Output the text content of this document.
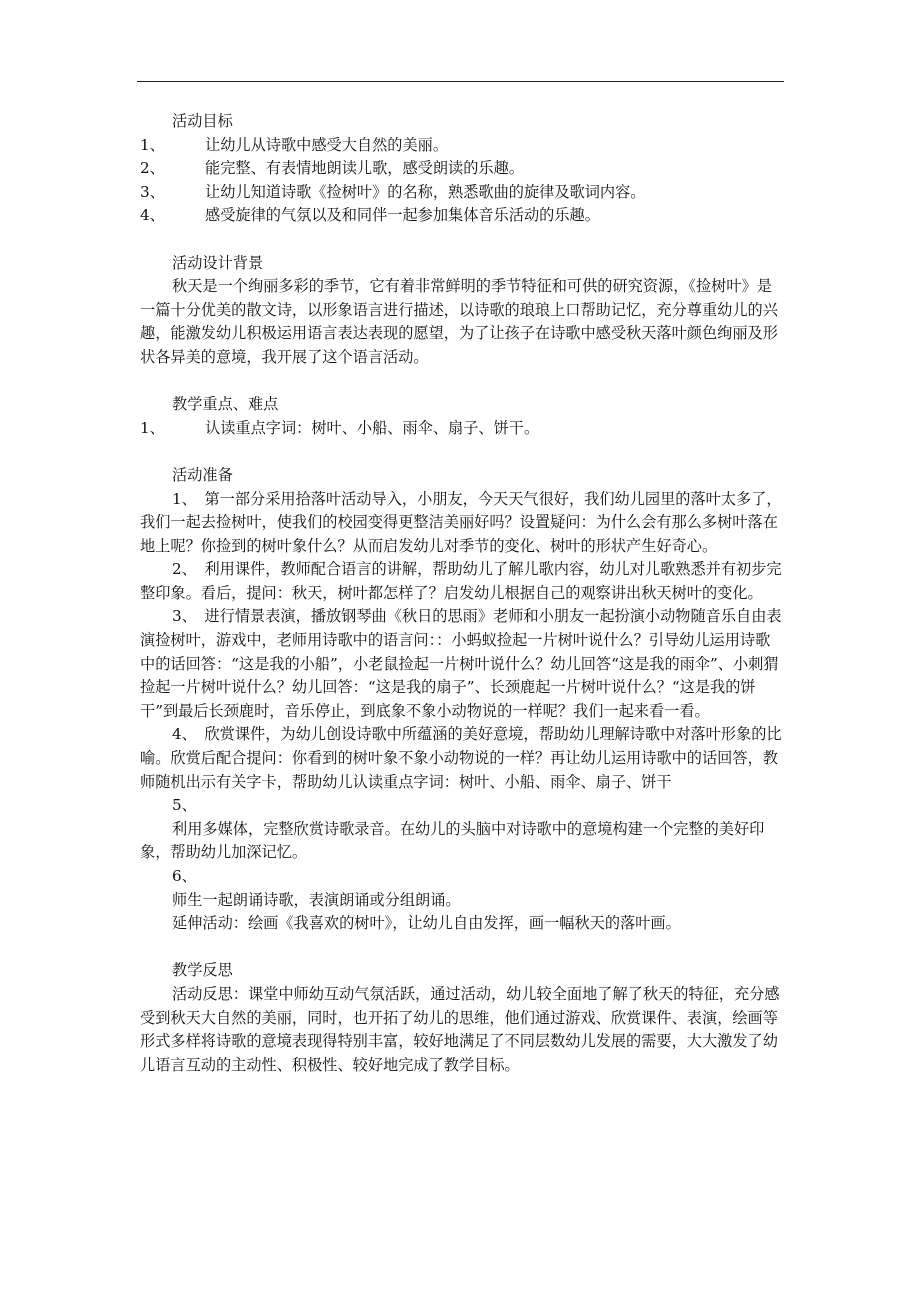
活动目标
1、	让幼儿从诗歌中感受大自然的美丽。
2、	能完整、有表情地朗读儿歌，感受朗读的乐趣。
3、	让幼儿知道诗歌《捡树叶》的名称，熟悉歌曲的旋律及歌词内容。
4、	感受旋律的气氛以及和同伴一起参加集体音乐活动的乐趣。
活动设计背景
秋天是一个绚丽多彩的季节，它有着非常鲜明的季节特征和可供的研究资源，《捡树叶》是一篇十分优美的散文诗，以形象语言进行描述，以诗歌的琅琅上口帮助记忆，充分尊重幼儿的兴趣，能激发幼儿积极运用语言表达表现的愿望，为了让孩子在诗歌中感受秋天落叶颜色绚丽及形状各异美的意境，我开展了这个语言活动。
教学重点、难点
1、	认读重点字词：树叶、小船、雨伞、扇子、饼干。
活动准备
1、　第一部分采用拾落叶活动导入，小朋友，今天天气很好，我们幼儿园里的落叶太多了，我们一起去捡树叶，使我们的校园变得更整洁美丽好吗？设置疑问：为什么会有那么多树叶落在地上呢？你捡到的树叶象什么？从而启发幼儿对季节的变化、树叶的形状产生好奇心。
2、　利用课件，教师配合语言的讲解，帮助幼儿了解儿歌内容，幼儿对儿歌熟悉并有初步完整印象。看后，提问：秋天，树叶都怎样了？启发幼儿根据自己的观察讲出秋天树叶的变化。
3、　进行情景表演，播放钢琴曲《秋日的思雨》老师和小朋友一起扮演小动物随音乐自由表演捡树叶，游戏中，老师用诗歌中的语言问：：小蚂蚁捡起一片树叶说什么？引导幼儿运用诗歌中的话回答：“这是我的小船”，小老鼠捡起一片树叶说什么？幼儿回答“这是我的雨伞”、小刺猬捡起一片树叶说什么？幼儿回答：“这是我的扇子”、长颈鹿起一片树叶说什么？“这是我的饼干”到最后长颈鹿时，音乐停止，到底象不象小动物说的一样呢？我们一起来看一看。
4、　欣赏课件，为幼儿创设诗歌中所蕴涵的美好意境，帮助幼儿理解诗歌中对落叶形象的比喻。欣赏后配合提问：你看到的树叶象不象小动物说的一样？再让幼儿运用诗歌中的话回答，教师随机出示有关字卡，帮助幼儿认读重点字词：树叶、小船、雨伞、扇子、饼干
5、
利用多媒体，完整欣赏诗歌录音。在幼儿的头脑中对诗歌中的意境构建一个完整的美好印象，帮助幼儿加深记忆。
6、
师生一起朗诵诗歌，表演朗诵或分组朗诵。
延伸活动：绘画《我喜欢的树叶》，让幼儿自由发挥，画一幅秋天的落叶画。
教学反思
活动反思：课堂中师幼互动气氛活跃，通过活动，幼儿较全面地了解了秋天的特征，充分感受到秋天大自然的美丽，同时，也开拓了幼儿的思维，他们通过游戏、欣赏课件、表演，绘画等形式多样将诗歌的意境表现得特别丰富，较好地满足了不同层数幼儿发展的需要，大大激发了幼儿语言互动的主动性、积极性、较好地完成了教学目标。
